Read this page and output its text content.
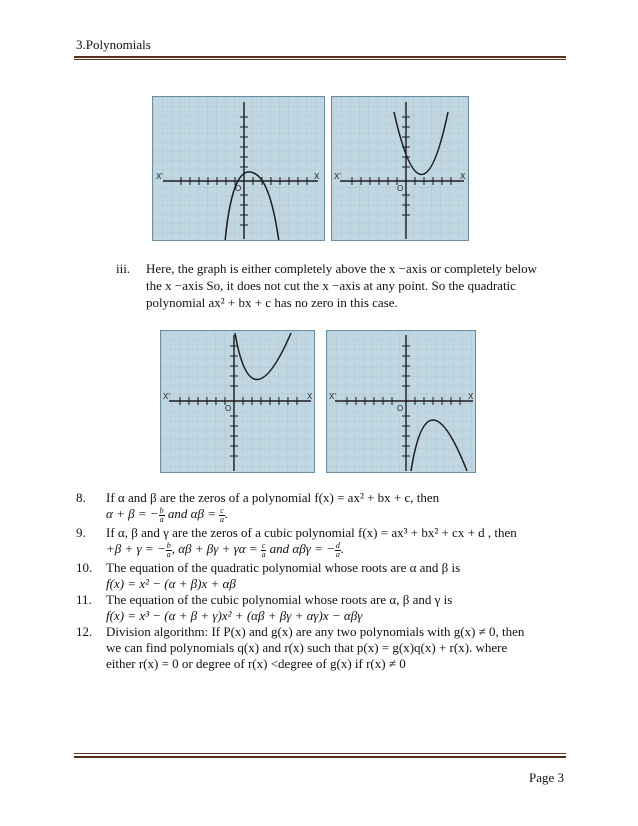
3.Polynomials
X'	X
O
X'	X
O
iii. Here, the graph is either completely above the x −axis or completely below
the x −axis So, it does not cut the x −axis at any point. So the quadratic
polynomial ax² + bx + c has no zero in this case.
X'	X
O
X'	X
O
8. If α and β are the zeros of a polynomial f(x) = ax² + bx + c, then
α + β = − $\frac{b}{a}$ and $\alpha\beta = \frac{c}{a}$ .
9. If α, β and γ are the zeros of a cubic polynomial f(x) = ax³ + bx² + cx + d , then
+β + γ = − $\frac{b}{a}$ , $\alpha\beta + \beta\gamma + \gamma\alpha = \frac{c}{a}$ and αβγ = − $\frac{d}{a}$ .
10. The equation of the quadratic polynomial whose roots are α and β is
f(x) = x² − (α + β)x + αβ
11. The equation of the cubic polynomial whose roots are α, β and γ is
f(x) = x³ − (α + β + γ)x² + (αβ + βγ + αγ)x − αβγ
12. Division algorithm: If P(x) and g(x) are any two polynomials with g(x) ≠ 0, then
we can find polynomials q(x) and r(x) such that p(x) = g(x)q(x) + r(x). where
either r(x) = 0 or degree of r(x) <degree of g(x) if r(x) ≠ 0
Page 3
